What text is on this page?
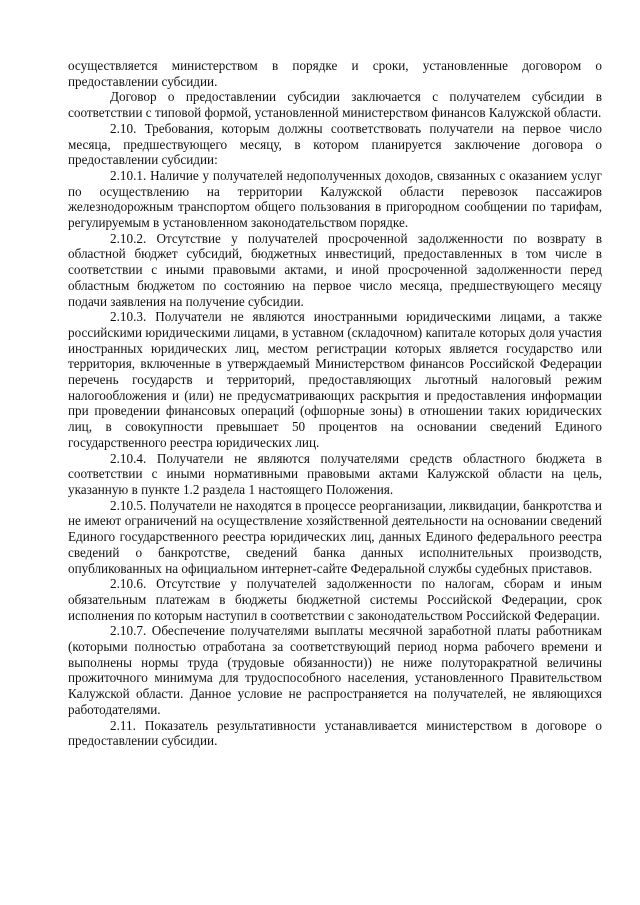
осуществляется министерством в порядке и сроки, установленные договором о предоставлении субсидии.

Договор о предоставлении субсидии заключается с получателем субсидии в соответствии с типовой формой, установленной министерством финансов Калужской области.

2.10. Требования, которым должны соответствовать получатели на первое число месяца, предшествующего месяцу, в котором планируется заключение договора о предоставлении субсидии:

2.10.1. Наличие у получателей недополученных доходов, связанных с оказанием услуг по осуществлению на территории Калужской области перевозок пассажиров железнодорожным транспортом общего пользования в пригородном сообщении по тарифам, регулируемым в установленном законодательством порядке.

2.10.2. Отсутствие у получателей просроченной задолженности по возврату в областной бюджет субсидий, бюджетных инвестиций, предоставленных в том числе в соответствии с иными правовыми актами, и иной просроченной задолженности перед областным бюджетом по состоянию на первое число месяца, предшествующего месяцу подачи заявления на получение субсидии.

2.10.3. Получатели не являются иностранными юридическими лицами, а также российскими юридическими лицами, в уставном (складочном) капитале которых доля участия иностранных юридических лиц, местом регистрации которых является государство или территория, включенные в утверждаемый Министерством финансов Российской Федерации перечень государств и территорий, предоставляющих льготный налоговый режим налогообложения и (или) не предусматривающих раскрытия и предоставления информации при проведении финансовых операций (офшорные зоны) в отношении таких юридических лиц, в совокупности превышает 50 процентов на основании сведений Единого государственного реестра юридических лиц.

2.10.4. Получатели не являются получателями средств областного бюджета в соответствии с иными нормативными правовыми актами Калужской области на цель, указанную в пункте 1.2 раздела 1 настоящего Положения.

2.10.5. Получатели не находятся в процессе реорганизации, ликвидации, банкротства и не имеют ограничений на осуществление хозяйственной деятельности на основании сведений Единого государственного реестра юридических лиц, данных Единого федерального реестра сведений о банкротстве, сведений банка данных исполнительных производств, опубликованных на официальном интернет-сайте Федеральной службы судебных приставов.

2.10.6. Отсутствие у получателей задолженности по налогам, сборам и иным обязательным платежам в бюджеты бюджетной системы Российской Федерации, срок исполнения по которым наступил в соответствии с законодательством Российской Федерации.

2.10.7. Обеспечение получателями выплаты месячной заработной платы работникам (которыми полностью отработана за соответствующий период норма рабочего времени и выполнены нормы труда (трудовые обязанности)) не ниже полуторакратной величины прожиточного минимума для трудоспособного населения, установленного Правительством Калужской области. Данное условие не распространяется на получателей, не являющихся работодателями.

2.11. Показатель результативности устанавливается министерством в договоре о предоставлении субсидии.
